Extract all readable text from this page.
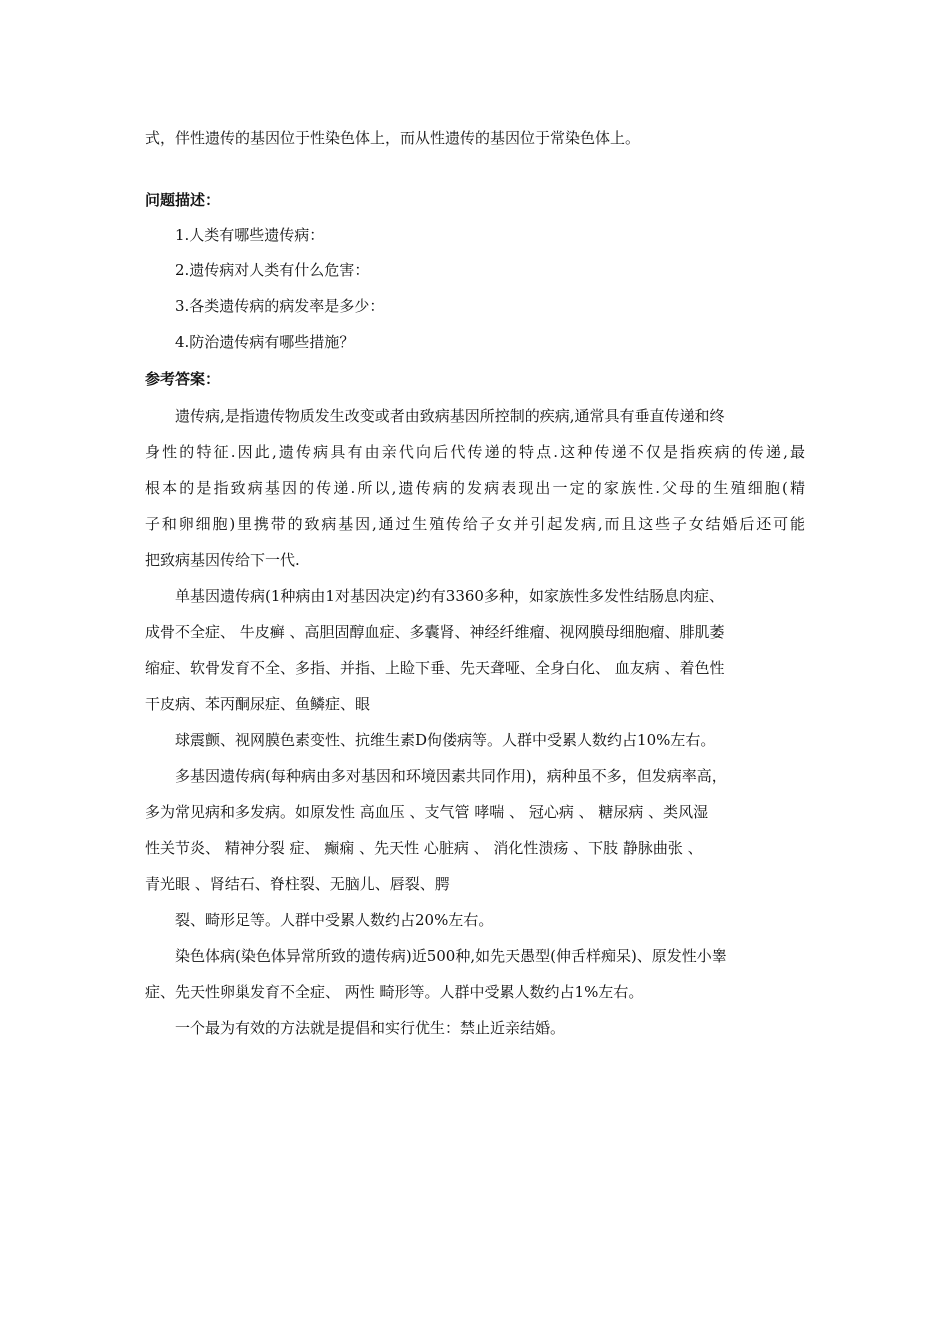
式，伴性遗传的基因位于性染色体上，而从性遗传的基因位于常染色体上。
问题描述：
1.人类有哪些遗传病：
2.遗传病对人类有什么危害：
3.各类遗传病的病发率是多少：
4.防治遗传病有哪些措施？
参考答案：
遗传病,是指遗传物质发生改变或者由致病基因所控制的疾病,通常具有垂直传递和终
身性的特征.因此,遗传病具有由亲代向后代传递的特点.这种传递不仅是指疾病的传递,最
根本的是指致病基因的传递.所以,遗传病的发病表现出一定的家族性.父母的生殖细胞(精
子和卵细胞)里携带的致病基因,通过生殖传给子女并引起发病,而且这些子女结婚后还可能
把致病基因传给下一代.
单基因遗传病(1种病由1对基因决定)约有3360多种，如家族性多发性结肠息肉症、
成骨不全症、 牛皮癣 、高胆固醇血症、多囊肾、神经纤维瘤、视网膜母细胞瘤、腓肌萎
缩症、软骨发育不全、多指、并指、上睑下垂、先天聋哑、全身白化、 血友病 、着色性
干皮病、苯丙酮尿症、鱼鳞症、眼
球震颤、视网膜色素变性、抗维生素D佝偻病等。人群中受累人数约占10%左右。
多基因遗传病(每种病由多对基因和环境因素共同作用)，病种虽不多，但发病率高，
多为常见病和多发病。如原发性 高血压 、支气管 哮喘 、 冠心病 、 糖尿病 、类风湿
性关节炎、 精神分裂 症、 癫痫 、先天性 心脏病 、 消化性溃疡 、下肢 静脉曲张 、
青光眼 、肾结石、脊柱裂、无脑儿、唇裂、腭
裂、畸形足等。人群中受累人数约占20%左右。
染色体病(染色体异常所致的遗传病)近500种,如先天愚型(伸舌样痴呆)、原发性小睾
症、先天性卵巢发育不全症、 两性 畸形等。人群中受累人数约占1%左右。
一个最为有效的方法就是提倡和实行优生：禁止近亲结婚。
